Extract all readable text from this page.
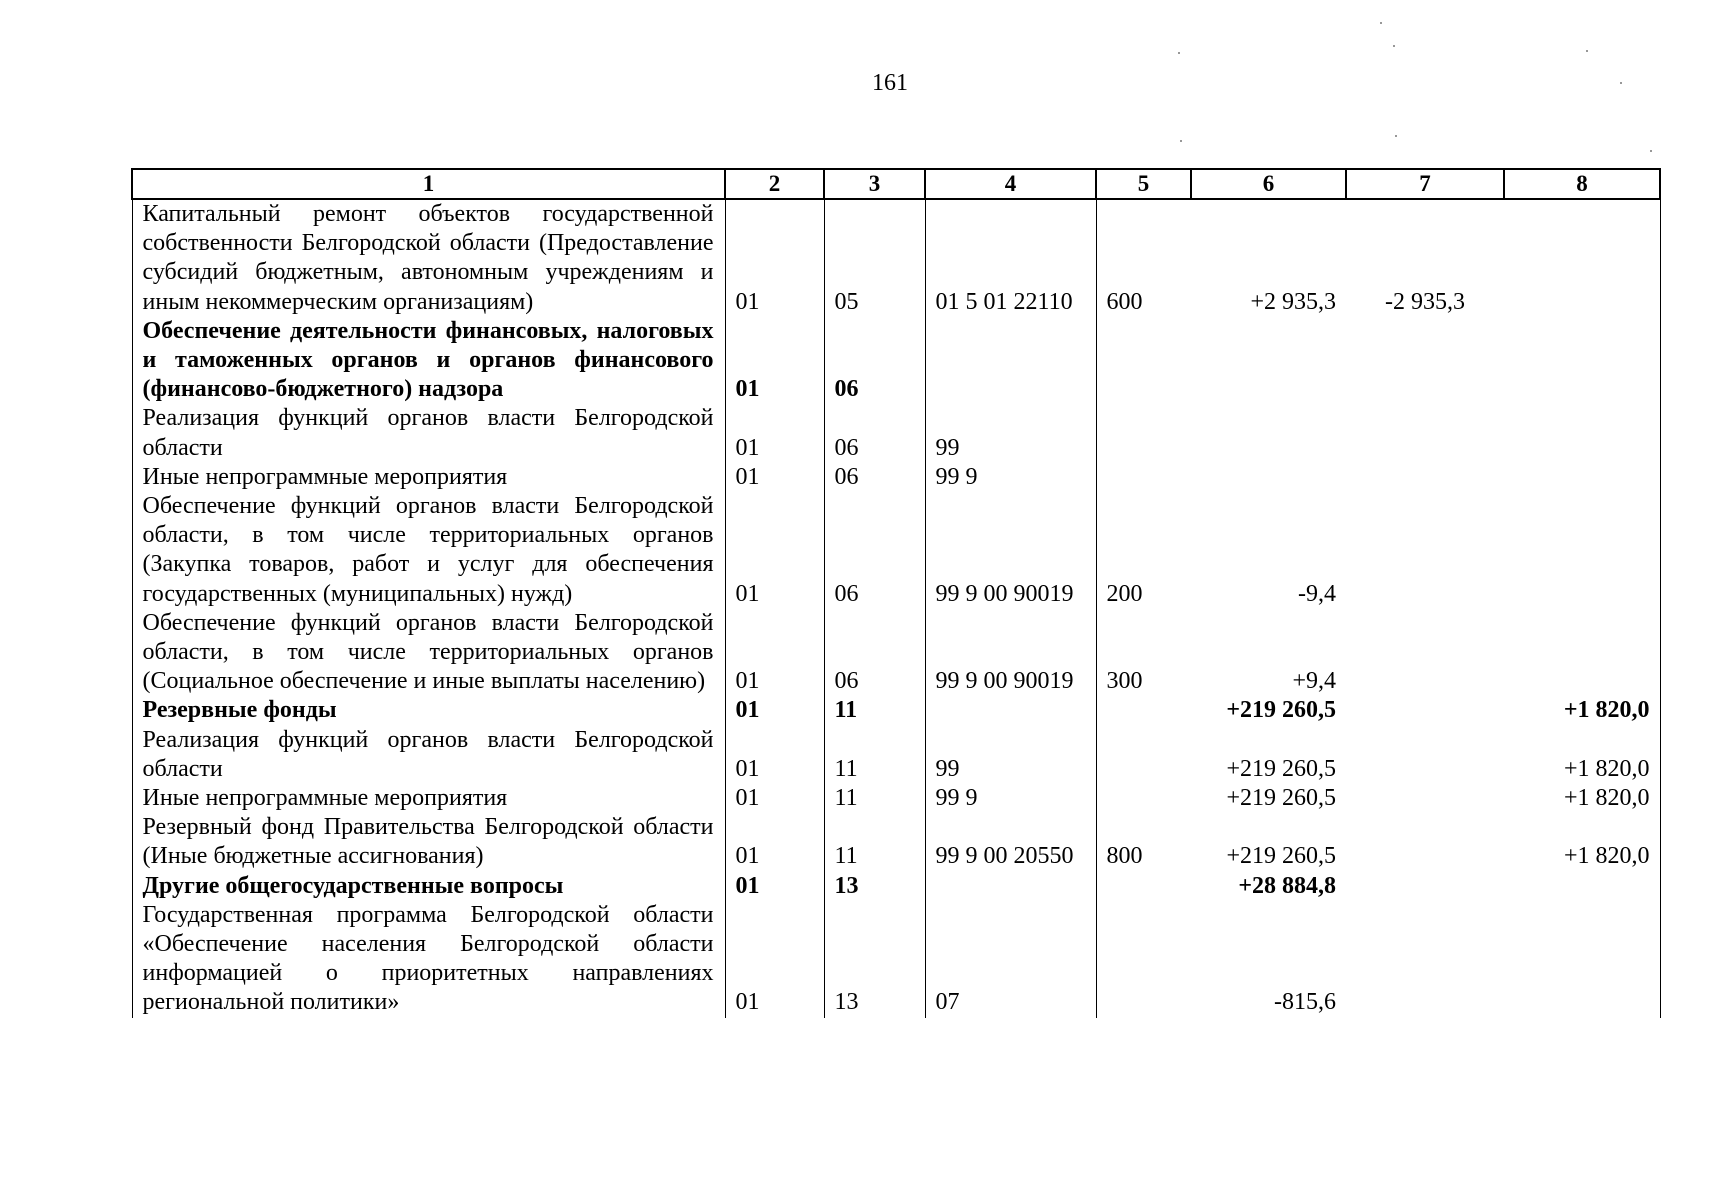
161
1	2	3	4	5	6	7	8
Капитальный ремонт объектов государственной собственности Белгородской области (Предоставление субсидий бюджетным, автономным учреждениям и иным некоммерческим организациям)	01	05	01 5 01 22110	600	+2 935,3	-2 935,3	
Обеспечение деятельности финансовых, налоговых и таможенных органов и органов финансового (финансово-бюджетного) надзора	01	06					
Реализация функций органов власти Белгородской области	01	06	99				
Иные непрограммные мероприятия	01	06	99 9				
Обеспечение функций органов власти Белгородской области, в том числе территориальных органов (Закупка товаров, работ и услуг для обеспечения государственных (муниципальных) нужд)	01	06	99 9 00 90019	200	-9,4		
Обеспечение функций органов власти Белгородской области, в том числе территориальных органов (Социальное обеспечение и иные выплаты населению)	01	06	99 9 00 90019	300	+9,4		
Резервные фонды	01	11			+219 260,5		+1 820,0
Реализация функций органов власти Белгородской области	01	11	99		+219 260,5		+1 820,0
Иные непрограммные мероприятия	01	11	99 9		+219 260,5		+1 820,0
Резервный фонд Правительства Белгородской области (Иные бюджетные ассигнования)	01	11	99 9 00 20550	800	+219 260,5		+1 820,0
Другие общегосударственные вопросы	01	13			+28 884,8		
Государственная программа Белгородской области «Обеспечение населения Белгородской области информацией о приоритетных направлениях региональной политики»	01	13	07		-815,6		
